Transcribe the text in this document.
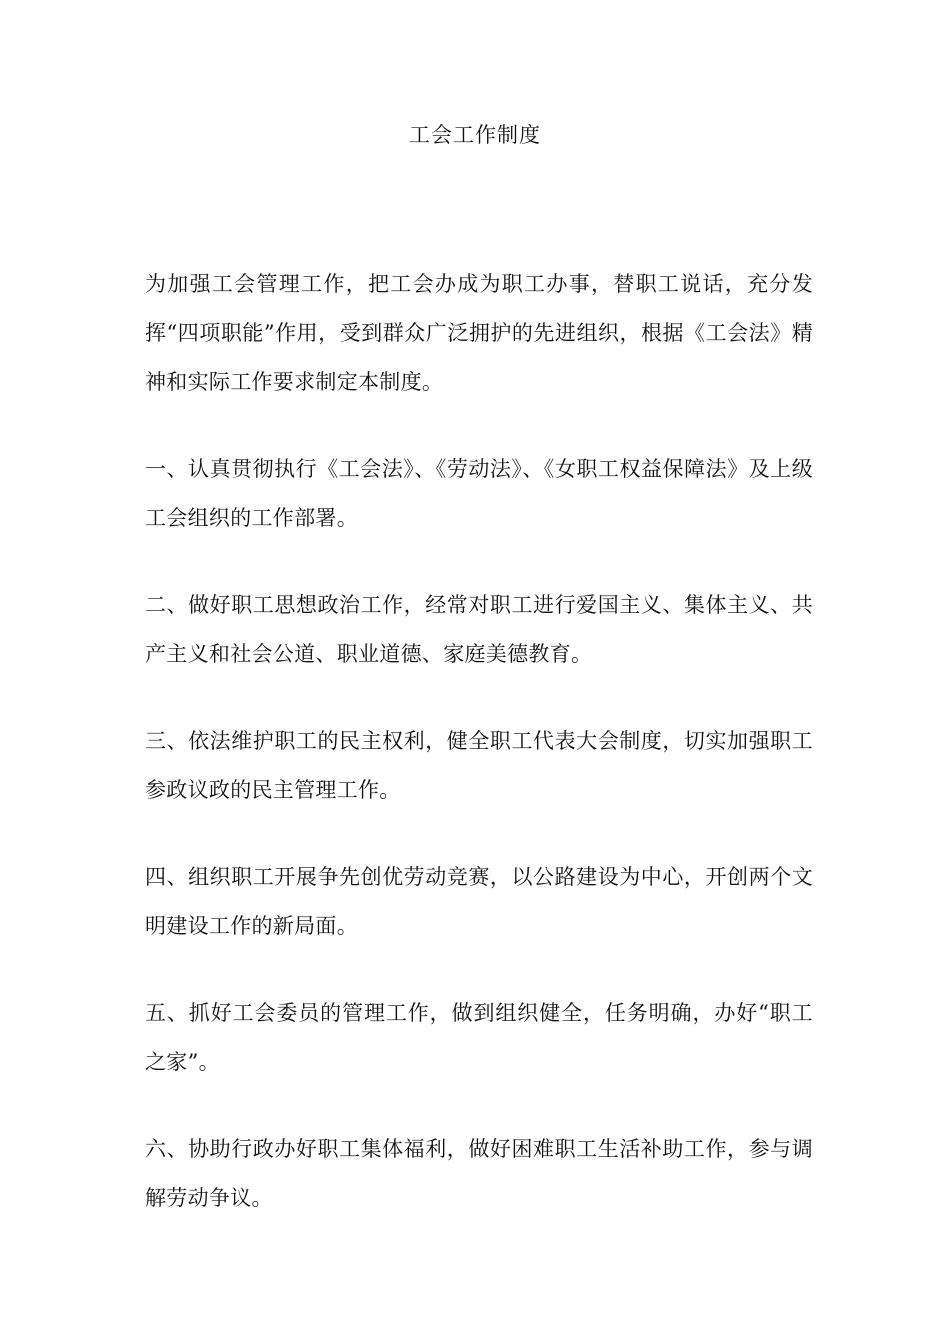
工会工作制度

为加强工会管理工作，把工会办成为职工办事，替职工说话，充分发挥“四项职能”作用，受到群众广泛拥护的先进组织，根据《工会法》精神和实际工作要求制定本制度。

一、认真贯彻执行《工会法》、《劳动法》、《女职工权益保障法》及上级工会组织的工作部署。

二、做好职工思想政治工作，经常对职工进行爱国主义、集体主义、共产主义和社会公道、职业道德、家庭美德教育。

三、依法维护职工的民主权利，健全职工代表大会制度，切实加强职工参政议政的民主管理工作。

四、组织职工开展争先创优劳动竞赛，以公路建设为中心，开创两个文明建设工作的新局面。

五、抓好工会委员的管理工作，做到组织健全，任务明确，办好“职工之家”。

六、协助行政办好职工集体福利，做好困难职工生活补助工作，参与调解劳动争议。
